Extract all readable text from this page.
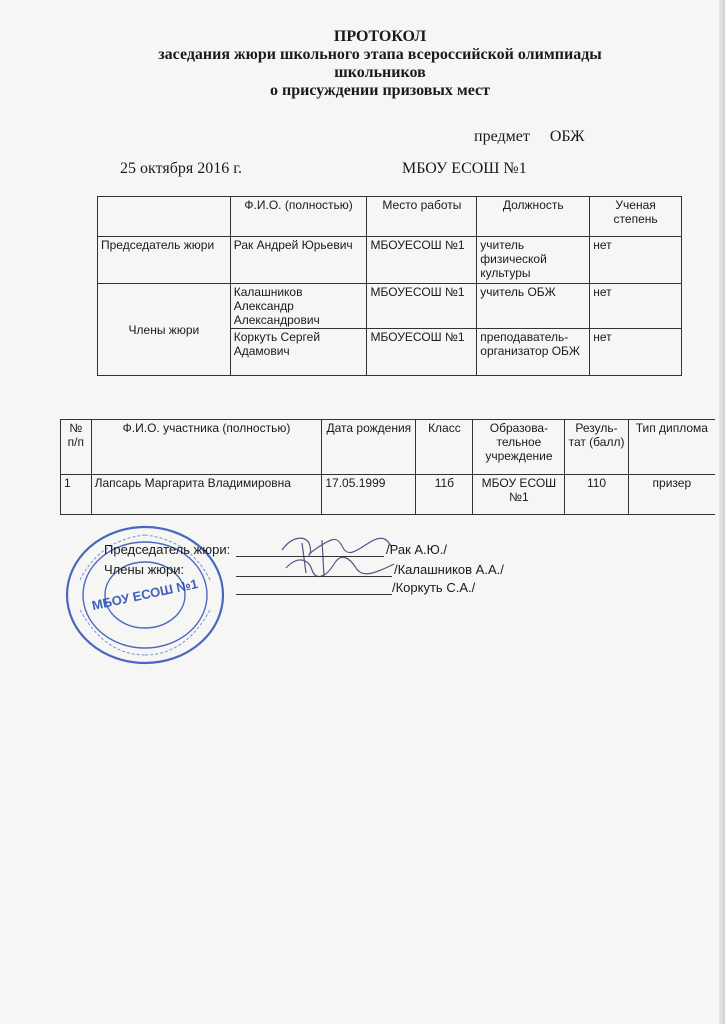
ПРОТОКОЛ
заседания жюри школьного этапа всероссийской олимпиады
школьников
о присуждении призовых мест
предмет ОБЖ
25 октября 2016 г.	МБОУ ЕСОШ №1
	Ф.И.О. (полностью)	Место работы	Должность	Ученая степень
Председатель жюри	Рак Андрей Юрьевич	МБОУЕСОШ №1	учитель физической культуры	нет
Члены жюри	Калашников Александр Александрович	МБОУЕСОШ №1	учитель ОБЖ	нет
	Коркуть Сергей Адамович	МБОУЕСОШ №1	преподаватель-организатор ОБЖ	нет
№ п/п	Ф.И.О. участника (полностью)	Дата рождения	Класс	Образова-тельное учреждение	Резуль-тат (балл)	Тип диплома
1	Лапсарь Маргарита Владимировна	17.05.1999	11б	МБОУ ЕСОШ №1	110	призер
МБОУ ЕСОШ №1
Председатель жюри:	/Рак А.Ю./
Члены жюри:	/Калашников А.А./
/Коркуть С.А./
